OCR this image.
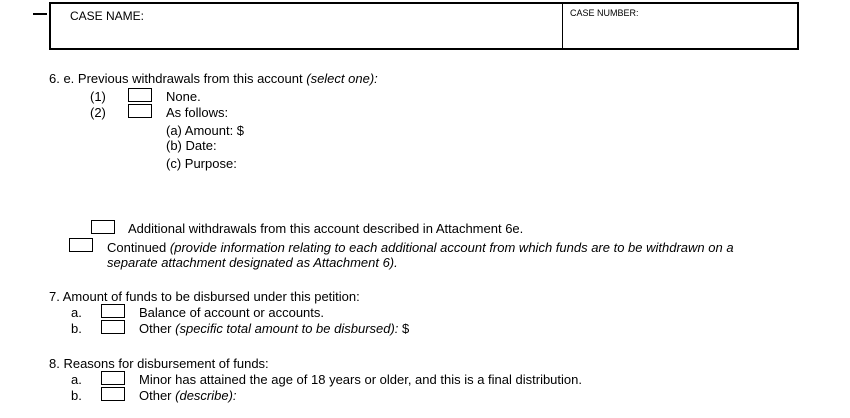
CASE NAME:	CASE NUMBER:
6. e. Previous withdrawals from this account (select one):
(1)	None.
(2)	As follows:
(a) Amount: $
(b) Date:
(c) Purpose:
Additional withdrawals from this account described in Attachment 6e.
Continued (provide information relating to each additional account from which funds are to be withdrawn on a separate attachment designated as Attachment 6).
7. Amount of funds to be disbursed under this petition:
a.	Balance of account or accounts.
b.	Other (specific total amount to be disbursed): $
8. Reasons for disbursement of funds:
a.	Minor has attained the age of 18 years or older, and this is a final distribution.
b.	Other (describe):
